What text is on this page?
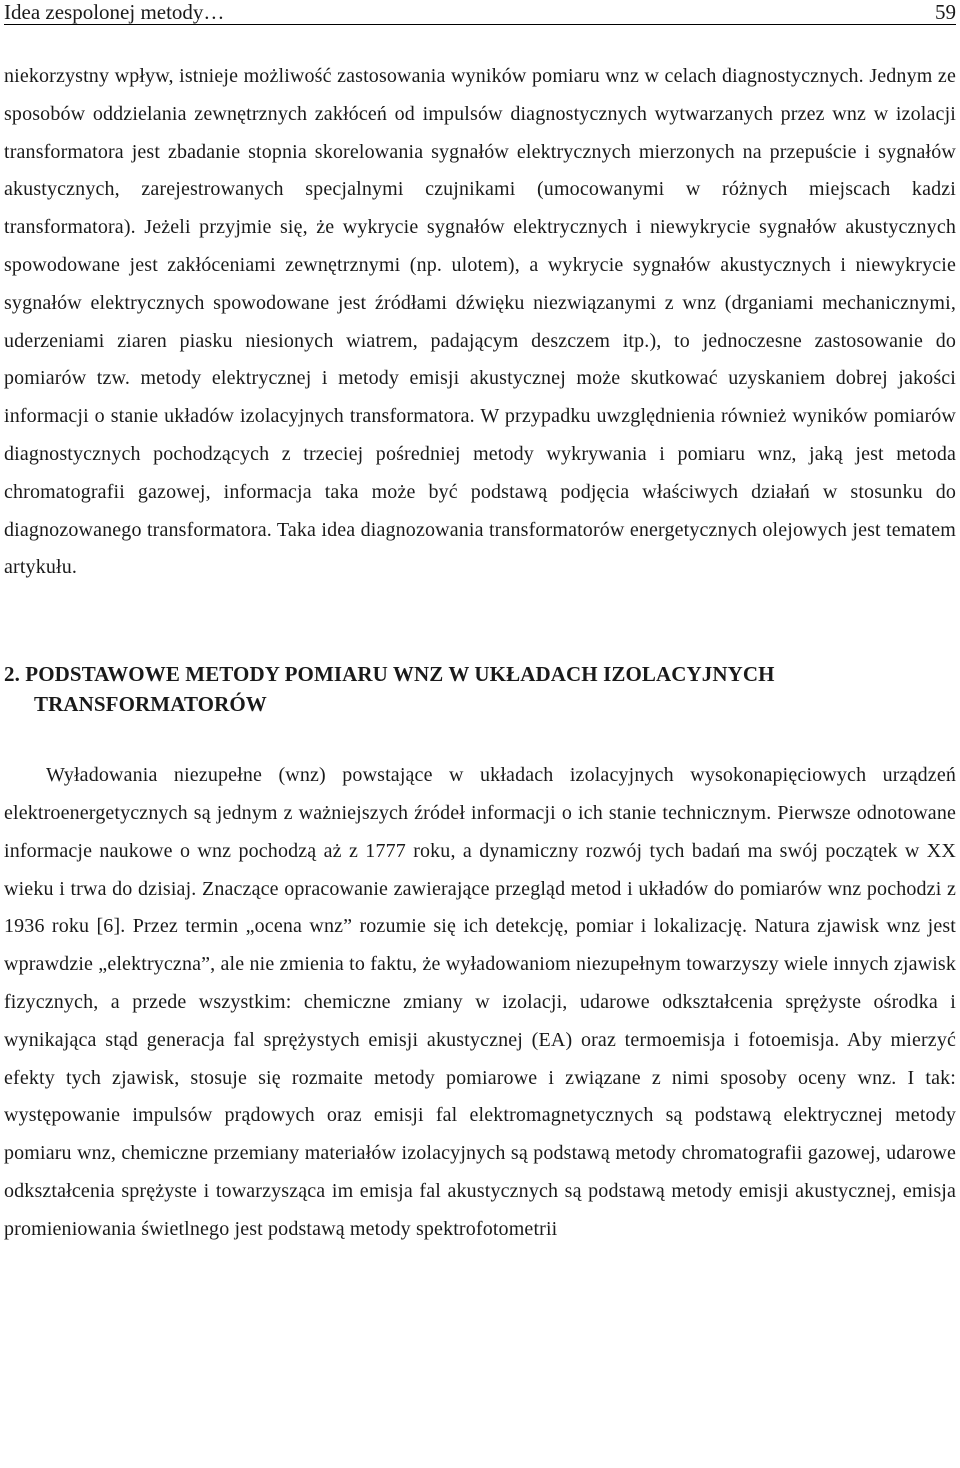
Idea zespolonej metody…	59

niekorzystny wpływ, istnieje możliwość zastosowania wyników pomiaru wnz w celach diagnostycznych. Jednym ze sposobów oddzielania zewnętrznych zakłóceń od impulsów diagnostycznych wytwarzanych przez wnz w izolacji transformatora jest zbadanie stopnia skorelowania sygnałów elektrycznych mierzonych na przepuście i sygnałów akustycznych, zarejestrowanych specjalnymi czujnikami (umocowanymi w różnych miejscach kadzi transformatora). Jeżeli przyjmie się, że wykrycie sygnałów elektrycznych i niewykrycie sygnałów akustycznych spowodowane jest zakłóceniami zewnętrznymi (np. ulotem), a wykrycie sygnałów akustycznych i niewykrycie sygnałów elektrycznych spowodowane jest źródłami dźwięku niezwiązanymi z wnz (drganiami mechanicznymi, uderzeniami ziaren piasku niesionych wiatrem, padającym deszczem itp.), to jednoczesne zastosowanie do pomiarów tzw. metody elektrycznej i metody emisji akustycznej może skutkować uzyskaniem dobrej jakości informacji o stanie układów izolacyjnych transformatora. W przypadku uwzględnienia również wyników pomiarów diagnostycznych pochodzących z trzeciej pośredniej metody wykrywania i pomiaru wnz, jaką jest metoda chromatografii gazowej, informacja taka może być podstawą podjęcia właściwych działań w stosunku do diagnozowanego transformatora. Taka idea diagnozowania transformatorów energetycznych olejowych jest tematem artykułu.

2. PODSTAWOWE METODY POMIARU WNZ W UKŁADACH IZOLACYJNYCH TRANSFORMATORÓW

Wyładowania niezupełne (wnz) powstające w układach izolacyjnych wysokonapięciowych urządzeń elektroenergetycznych są jednym z ważniejszych źródeł informacji o ich stanie technicznym. Pierwsze odnotowane informacje naukowe o wnz pochodzą aż z 1777 roku, a dynamiczny rozwój tych badań ma swój początek w XX wieku i trwa do dzisiaj. Znaczące opracowanie zawierające przegląd metod i układów do pomiarów wnz pochodzi z 1936 roku [6]. Przez termin „ocena wnz” rozumie się ich detekcję, pomiar i lokalizację. Natura zjawisk wnz jest wprawdzie „elektryczna”, ale nie zmienia to faktu, że wyładowaniom niezupełnym towarzyszy wiele innych zjawisk fizycznych, a przede wszystkim: chemiczne zmiany w izolacji, udarowe odkształcenia sprężyste ośrodka i wynikająca stąd generacja fal sprężystych emisji akustycznej (EA) oraz termoemisja i fotoemisja. Aby mierzyć efekty tych zjawisk, stosuje się rozmaite metody pomiarowe i związane z nimi sposoby oceny wnz. I tak: występowanie impulsów prądowych oraz emisji fal elektromagnetycznych są podstawą elektrycznej metody pomiaru wnz, chemiczne przemiany materiałów izolacyjnych są podstawą metody chromatografii gazowej, udarowe odkształcenia sprężyste i towarzysząca im emisja fal akustycznych są podstawą metody emisji akustycznej, emisja promieniowania świetlnego jest podstawą metody spektrofotometrii
